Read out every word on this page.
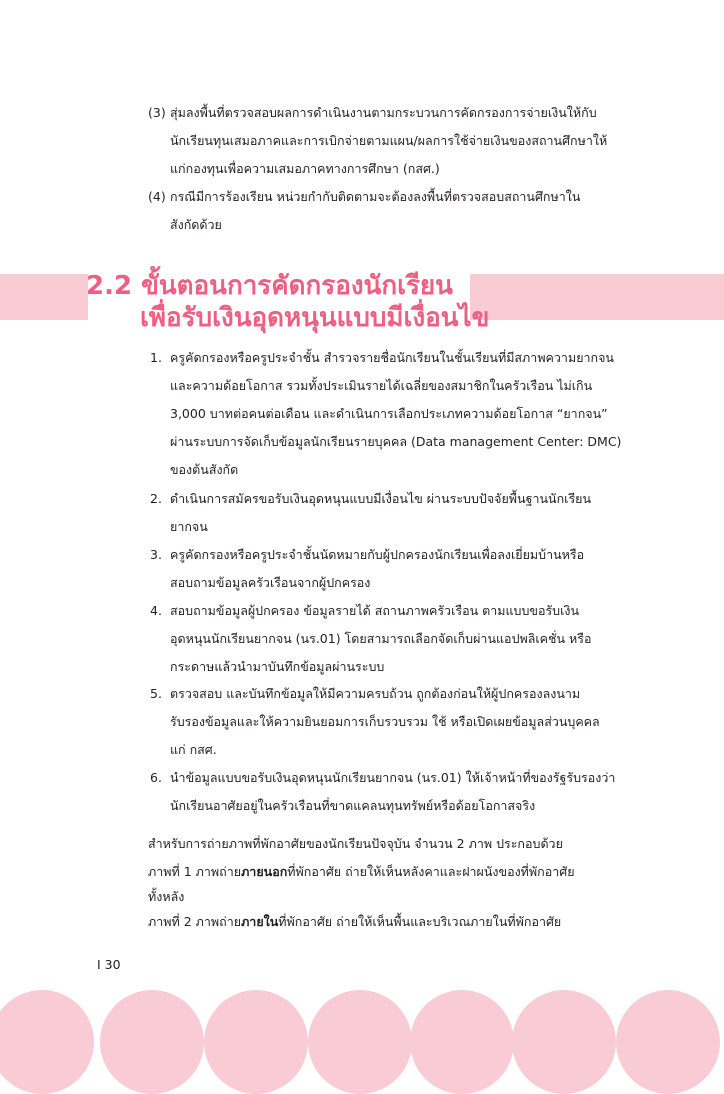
(3) สุ่มลงพื้นที่ตรวจสอบผลการดำเนินงานตามกระบวนการคัดกรองการจ่ายเงินให้กับ
นักเรียนทุนเสมอภาคและการเบิกจ่ายตามแผน/ผลการใช้จ่ายเงินของสถานศึกษาให้
แก่กองทุนเพื่อความเสมอภาคทางการศึกษา (กสศ.)
(4) กรณีมีการร้องเรียน หน่วยกำกับติดตามจะต้องลงพื้นที่ตรวจสอบสถานศึกษาใน
สังกัดด้วย
2.2 ขั้นตอนการคัดกรองนักเรียน
เพื่อรับเงินอุดหนุนแบบมีเงื่อนไข
1. ครูคัดกรองหรือครูประจำชั้น สำรวจรายชื่อนักเรียนในชั้นเรียนที่มีสภาพความยากจน
และความด้อยโอกาส รวมทั้งประเมินรายได้เฉลี่ยของสมาชิกในครัวเรือน ไม่เกิน
3,000 บาทต่อคนต่อเดือน และดำเนินการเลือกประเภทความด้อยโอกาส “ยากจน”
ผ่านระบบการจัดเก็บข้อมูลนักเรียนรายบุคคล (Data management Center: DMC)
ของต้นสังกัด
2. ดำเนินการสมัครขอรับเงินอุดหนุนแบบมีเงื่อนไข ผ่านระบบปัจจัยพื้นฐานนักเรียน
ยากจน
3. ครูคัดกรองหรือครูประจำชั้นนัดหมายกับผู้ปกครองนักเรียนเพื่อลงเยี่ยมบ้านหรือ
สอบถามข้อมูลครัวเรือนจากผู้ปกครอง
4. สอบถามข้อมูลผู้ปกครอง ข้อมูลรายได้ สถานภาพครัวเรือน ตามแบบขอรับเงิน
อุดหนุนนักเรียนยากจน (นร.01) โดยสามารถเลือกจัดเก็บผ่านแอปพลิเคชั่น หรือ
กระดาษแล้วนำมาบันทึกข้อมูลผ่านระบบ
5. ตรวจสอบ และบันทึกข้อมูลให้มีความครบถ้วน ถูกต้องก่อนให้ผู้ปกครองลงนาม
รับรองข้อมูลและให้ความยินยอมการเก็บรวบรวม ใช้ หรือเปิดเผยข้อมูลส่วนบุคคล
แก่ กสศ.
6. นำข้อมูลแบบขอรับเงินอุดหนุนนักเรียนยากจน (นร.01) ให้เจ้าหน้าที่ของรัฐรับรองว่า
นักเรียนอาศัยอยู่ในครัวเรือนที่ขาดแคลนทุนทรัพย์หรือด้อยโอกาสจริง
สำหรับการถ่ายภาพที่พักอาศัยของนักเรียนปัจจุบัน จำนวน 2 ภาพ ประกอบด้วย
ภาพที่ 1 ภาพถ่ายภายนอกที่พักอาศัย ถ่ายให้เห็นหลังคาและฝาผนังของที่พักอาศัย
ทั้งหลัง
ภาพที่ 2 ภาพถ่ายภายในที่พักอาศัย ถ่ายให้เห็นพื้นและบริเวณภายในที่พักอาศัย
I 30
